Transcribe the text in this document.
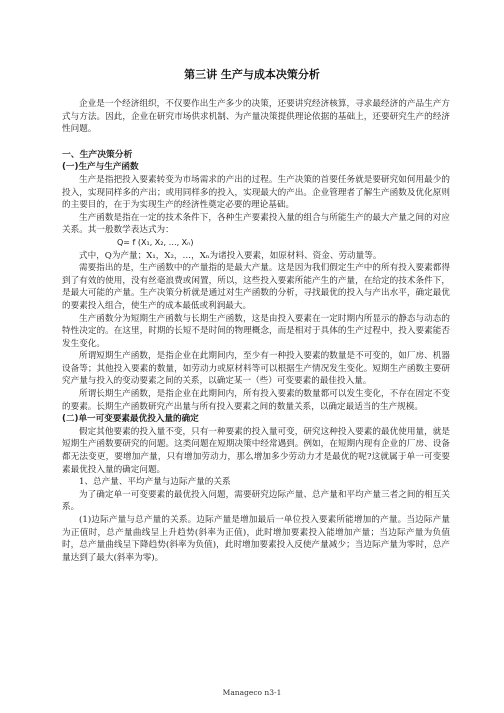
第三讲 生产与成本决策分析

企业是一个经济组织，不仅要作出生产多少的决策，还要讲究经济核算，寻求最经济的产品生产方式与方法。因此，企业在研究市场供求机制、为产量决策提供理论依据的基础上，还要研究生产的经济性问题。

一、生产决策分析

(一)生产与生产函数

生产是指把投入要素转变为市场需求的产出的过程。生产决策的首要任务就是要研究如何用最少的投入，实现同样多的产出；或用同样多的投入，实现最大的产出。企业管理者了解生产函数及优化原则的主要目的，在于为实现生产的经济性奠定必要的理论基础。

生产函数是指在一定的技术条件下，各种生产要素投入量的组合与所能生产的最大产量之间的对应关系。其一般数学表达式为：

Q= f (X₁, X₂, …, Xₙ)

式中，Q为产量；X₁，X₂，…，Xₙ为诸投入要素，如原材料、资金、劳动量等。

需要指出的是，生产函数中的产量指的是最大产量。这是因为我们假定生产中的所有投入要素都得到了有效的使用，没有丝毫浪费或闲置，所以，这些投入要素所能产生的产量，在给定的技术条件下，是最大可能的产量。生产决策分析就是通过对生产函数的分析，寻找最优的投入与产出水平，确定最优的要素投入组合，使生产的成本最低或利润最大。

生产函数分为短期生产函数与长期生产函数，这是由投入要素在一定时期内所显示的静态与动态的特性决定的。在这里，时期的长短不是时间的物理概念，而是相对于具体的生产过程中，投入要素能否发生变化。

所谓短期生产函数，是指企业在此期间内，至少有一种投入要素的数量是不可变的，如厂房、机器设备等；其他投入要素的数量，如劳动力或原材料等可以根据生产情况发生变化。短期生产函数主要研究产量与投入的变动要素之间的关系，以确定某一（些）可变要素的最佳投入量。

所谓长期生产函数，是指企业在此期间内，所有投入要素的数量都可以发生变化，不存在固定不变的要素。长期生产函数研究产出量与所有投入要素之间的数量关系，以确定最适当的生产规模。

(二)单一可变要素最优投入量的确定

假定其他要素的投入量不变，只有一种要素的投入量可变，研究这种投入要素的最优使用量，就是短期生产函数要研究的问题。这类问题在短期决策中经常遇到。例如，在短期内现有企业的厂房、设备都无法变更，要增加产量，只有增加劳动力，那么增加多少劳动力才是最优的呢?这就属于单一可变要素最优投入量的确定问题。

1、总产量、平均产量与边际产量的关系

为了确定单一可变要素的最优投入问题，需要研究边际产量、总产量和平均产量三者之间的相互关系。

(1)边际产量与总产量的关系。边际产量是增加最后一单位投入要素所能增加的产量。当边际产量为正值时，总产量曲线呈上升趋势(斜率为正值)，此时增加要素投入能增加产量；当边际产量为负值时，总产量曲线呈下降趋势(斜率为负值)，此时增加要素投入反使产量减少；当边际产量为零时，总产量达到了最大(斜率为零)。

Manageco n3-1
